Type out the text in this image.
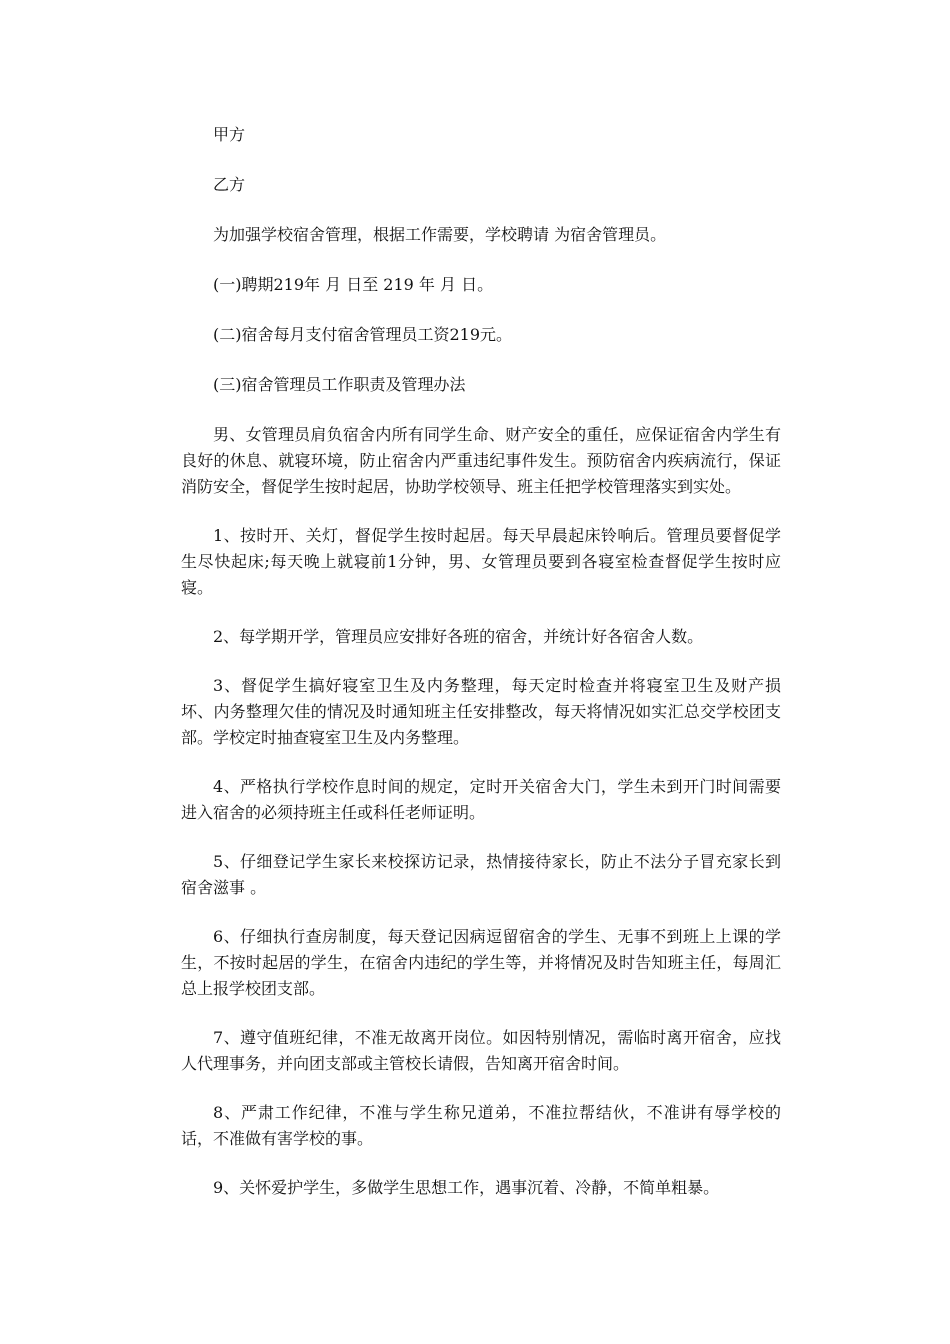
甲方

乙方

为加强学校宿舍管理，根据工作需要，学校聘请 为宿舍管理员。

(一)聘期219年 月 日至 219 年 月 日。

(二)宿舍每月支付宿舍管理员工资219元。

(三)宿舍管理员工作职责及管理办法

男、女管理员肩负宿舍内所有同学生命、财产安全的重任，应保证宿舍内学生有良好的休息、就寝环境，防止宿舍内严重违纪事件发生。预防宿舍内疾病流行，保证消防安全，督促学生按时起居，协助学校领导、班主任把学校管理落实到实处。

1、按时开、关灯，督促学生按时起居。每天早晨起床铃响后。管理员要督促学生尽快起床;每天晚上就寝前1分钟，男、女管理员要到各寝室检查督促学生按时应寝。

2、每学期开学，管理员应安排好各班的宿舍，并统计好各宿舍人数。

3、督促学生搞好寝室卫生及内务整理，每天定时检查并将寝室卫生及财产损坏、内务整理欠佳的情况及时通知班主任安排整改，每天将情况如实汇总交学校团支部。学校定时抽查寝室卫生及内务整理。

4、严格执行学校作息时间的规定，定时开关宿舍大门，学生未到开门时间需要进入宿舍的必须持班主任或科任老师证明。

5、仔细登记学生家长来校探访记录，热情接待家长，防止不法分子冒充家长到宿舍滋事 。

6、仔细执行查房制度，每天登记因病逗留宿舍的学生、无事不到班上上课的学生，不按时起居的学生，在宿舍内违纪的学生等，并将情况及时告知班主任，每周汇总上报学校团支部。

7、遵守值班纪律，不准无故离开岗位。如因特别情况，需临时离开宿舍，应找人代理事务，并向团支部或主管校长请假，告知离开宿舍时间。

8、严肃工作纪律，不准与学生称兄道弟，不准拉帮结伙，不准讲有辱学校的话，不准做有害学校的事。

9、关怀爱护学生，多做学生思想工作，遇事沉着、冷静，不简单粗暴。
